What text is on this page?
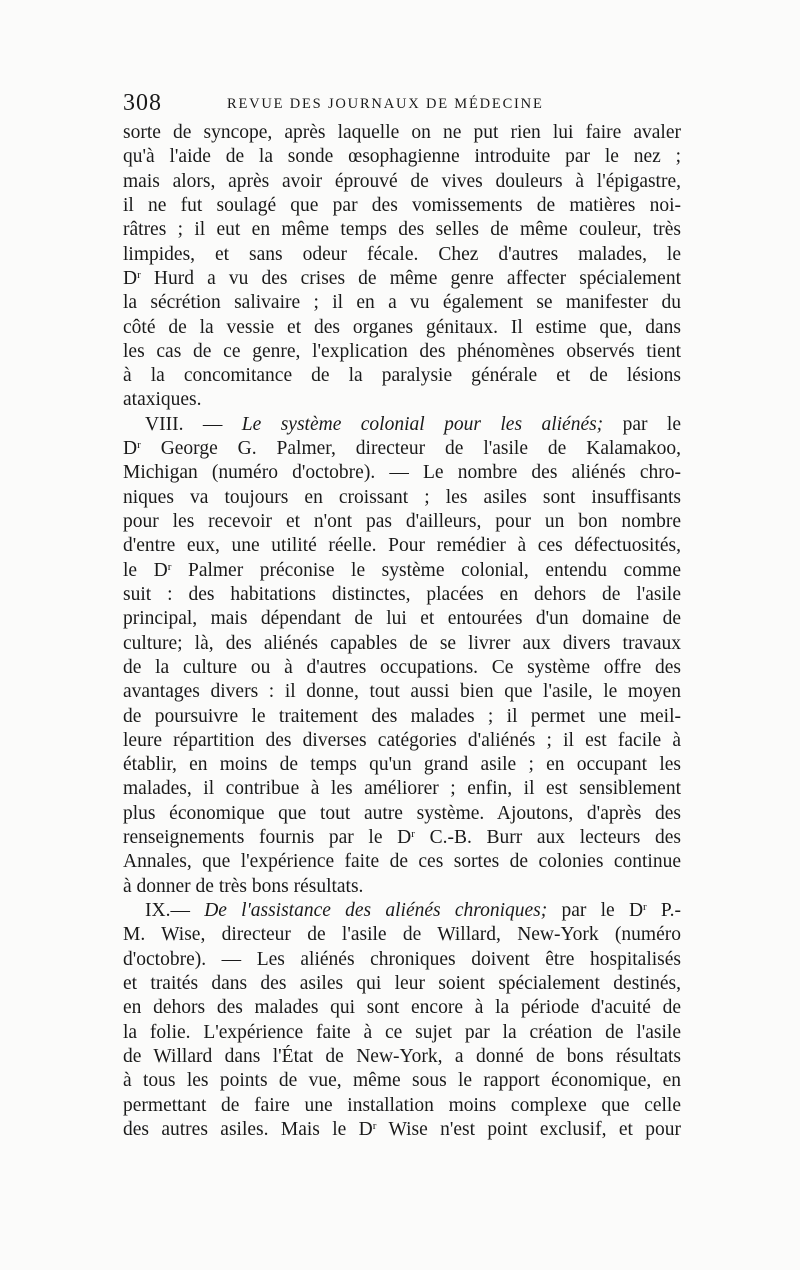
308	REVUE DES JOURNAUX DE MÉDECINE
sorte de syncope, après laquelle on ne put rien lui faire avaler
qu'à l'aide de la sonde œsophagienne introduite par le nez ;
mais alors, après avoir éprouvé de vives douleurs à l'épigastre,
il ne fut soulagé que par des vomissements de matières noi-
râtres ; il eut en même temps des selles de même couleur, très
limpides, et sans odeur fécale. Chez d'autres malades, le
$D^r$ Hurd a vu des crises de même genre affecter spécialement
la sécrétion salivaire ; il en a vu également se manifester du
côté de la vessie et des organes génitaux. Il estime que, dans
les cas de ce genre, l'explication des phénomènes observés tient
à la concomitance de la paralysie générale et de lésions
ataxiques.
VIII. — Le système colonial pour les aliénés; par le
$D^r$ George G. Palmer, directeur de l'asile de Kalamakoo,
Michigan (numéro d'octobre). — Le nombre des aliénés chro-
niques va toujours en croissant ; les asiles sont insuffisants
pour les recevoir et n'ont pas d'ailleurs, pour un bon nombre
d'entre eux, une utilité réelle. Pour remédier à ces défectuosités,
le $D^r$ Palmer préconise le système colonial, entendu comme
suit : des habitations distinctes, placées en dehors de l'asile
principal, mais dépendant de lui et entourées d'un domaine de
culture; là, des aliénés capables de se livrer aux divers travaux
de la culture ou à d'autres occupations. Ce système offre des
avantages divers : il donne, tout aussi bien que l'asile, le moyen
de poursuivre le traitement des malades ; il permet une meil-
leure répartition des diverses catégories d'aliénés ; il est facile à
établir, en moins de temps qu'un grand asile ; en occupant les
malades, il contribue à les améliorer ; enfin, il est sensiblement
plus économique que tout autre système. Ajoutons, d'après des
renseignements fournis par le $D^r$ C.-B. Burr aux lecteurs des
Annales, que l'expérience faite de ces sortes de colonies continue
à donner de très bons résultats.
IX.— De l'assistance des aliénés chroniques; par le $D^r$ P.-
M. Wise, directeur de l'asile de Willard, New-York (numéro
d'octobre). — Les aliénés chroniques doivent être hospitalisés
et traités dans des asiles qui leur soient spécialement destinés,
en dehors des malades qui sont encore à la période d'acuité de
la folie. L'expérience faite à ce sujet par la création de l'asile
de Willard dans l'État de New-York, a donné de bons résultats
à tous les points de vue, même sous le rapport économique, en
permettant de faire une installation moins complexe que celle
des autres asiles. Mais le $D^r$ Wise n'est point exclusif, et pour
